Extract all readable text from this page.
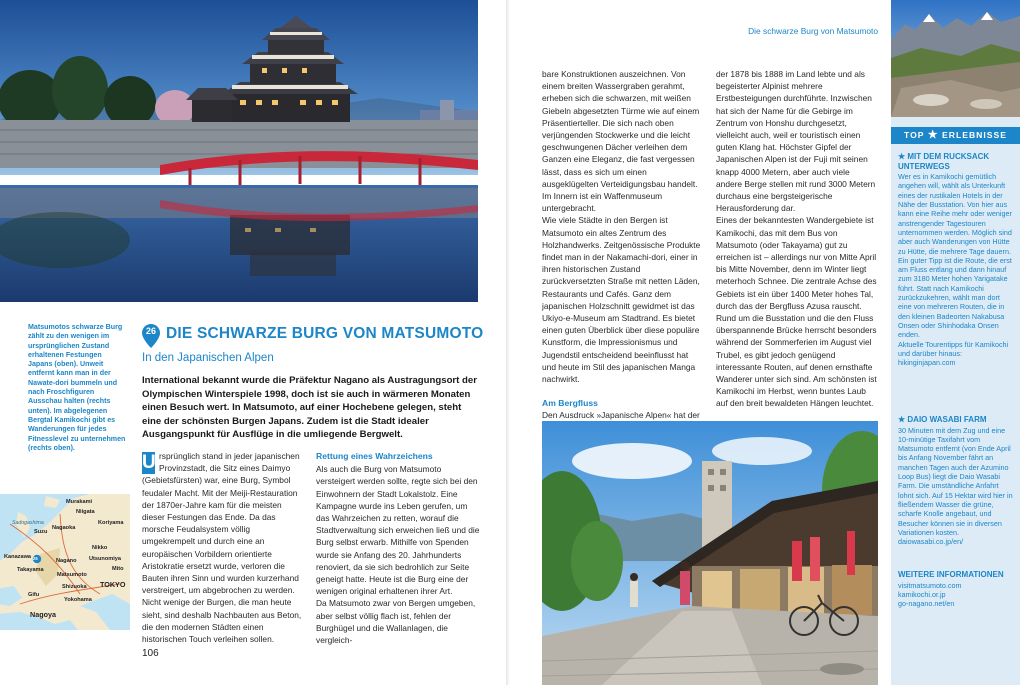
Matsumotos schwarze Burg zählt zu den wenigen im ursprünglichen Zustand erhaltenen Festungen Japans (oben). Unweit entfernt kann man in der Nawate-dori bummeln und nach Froschfiguren Ausschau halten (rechts unten). Im abgelegenen Bergtal Kamikochi gibt es Wanderungen für jedes Fitnesslevel zu unternehmen (rechts oben).
Murakami
Niigata
Sadogashima
Nagaoka
Koriyama
Suzu
Nikko
Kanazawa
Takayama
Utsunomiya
Matsumoto
Mito
Nagano
TOKYO
Yokohama
Nagoya
Gifu
Shizuoka
26
26 DIE SCHWARZE BURG VON MATSUMOTO
In den Japanischen Alpen
International bekannt wurde die Präfektur Nagano als Austragungsort der Olympischen Winterspiele 1998, doch ist sie auch in wärmeren Monaten einen Besuch wert. In Matsumoto, auf einer Hochebene gelegen, steht eine der schönsten Burgen Japans. Zudem ist die Stadt idealer Ausgangspunkt für Ausflüge in die umliegende Bergwelt.
U rsprünglich stand in jeder japanischen Provinzstadt, die Sitz eines Daimyo (Gebietsfürsten) war, eine Burg, Symbol feudaler Macht. Mit der Meiji-Restauration der 1870er-Jahre kam für die meisten dieser Festungen das Ende. Da das morsche Feudalsystem völlig umgekrempelt und durch eine an europäischen Vorbildern orientierte Aristokratie ersetzt wurde, verloren die Bauten ihren Sinn und wurden kurzerhand verstreigert, um abgebrochen zu werden. Nicht wenige der Burgen, die man heute sieht, sind deshalb Nachbauten aus Beton, die den modernen Städten einen historischen Touch verleihen sollen.
Rettung eines Wahrzeichens
Als auch die Burg von Matsumoto versteigert werden sollte, regte sich bei den Einwohnern der Stadt Lokalstolz. Eine Kampagne wurde ins Leben gerufen, um das Wahrzeichen zu retten, worauf die Stadtverwaltung sich erweichen ließ und die Burg selbst erwarb. Mithilfe von Spenden wurde sie Anfang des 20. Jahrhunderts renoviert, da sie sich bedrohlich zur Seite geneigt hatte. Heute ist die Burg eine der wenigen original erhaltenen ihrer Art.
Da Matsumoto zwar von Bergen umgeben, aber selbst völlig flach ist, fehlen der Burghügel und die Wallanlagen, die vergleich-
106
Die schwarze Burg von Matsumoto
bare Konstruktionen auszeichnen. Von einem breiten Wassergraben gerahmt, erheben sich die schwarzen, mit weißen Giebeln abgesetzten Türme wie auf einem Präsentierteller. Die sich nach oben verjüngenden Stockwerke und die leicht geschwungenen Dächer verleihen dem Ganzen eine Eleganz, die fast vergessen lässt, dass es sich um einen ausgeklügelten Verteidigungsbau handelt. Im Innern ist ein Waffenmuseum untergebracht.
Wie viele Städte in den Bergen ist Matsumoto ein altes Zentrum des Holzhandwerks. Zeitgenössische Produkte findet man in der Nakamachi-dori, einer in ihren historischen Zustand zurückversetzten Straße mit netten Läden, Restaurants und Cafés. Ganz dem japanischen Holzschnitt gewidmet ist das Ukiyo-e-Museum am Stadtrand. Es bietet einen guten Überblick über diese populäre Kunstform, die Impressionismus und Jugendstil entscheidend beeinflusst hat und heute im Stil des japanischen Manga nachwirkt.
Am Bergfluss
Den Ausdruck »Japanische Alpen« hat der
der 1878 bis 1888 im Land lebte und als begeisterter Alpinist mehrere Erstbesteigungen durchführte. Inzwischen hat sich der Name für die Gebirge im Zentrum von Honshu durchgesetzt, vielleicht auch, weil er touristisch einen guten Klang hat. Höchster Gipfel der Japanischen Alpen ist der Fuji mit seinen knapp 4000 Metern, aber auch viele andere Berge stellen mit rund 3000 Metern durchaus eine bergsteigerische Herausforderung dar.
Eines der bekanntesten Wandergebiete ist Kamikochi, das mit dem Bus von Matsumoto (oder Takayama) gut zu erreichen ist – allerdings nur von Mitte April bis Mitte November, denn im Winter liegt meterhoch Schnee. Die zentrale Achse des Gebiets ist ein über 1400 Meter hohes Tal, durch das der Bergfluss Azusa rauscht.
Rund um die Busstation und die den Fluss überspannende Brücke herrscht besonders während der Sommerferien im August viel Trubel, es gibt jedoch genügend interessante Routen, auf denen ernsthafte Wanderer unter sich sind. Am schönsten ist Kamikochi im Herbst, wenn buntes Laub auf den breit bewaldeten Hängen leuchtet.
TOP ★ ERLEBNISSE
★ MIT DEM RUCKSACK UNTERWEGS
Wer es in Kamikochi gemütlich angehen will, wählt als Unterkunft eines der rustikalen Hotels in der Nähe der Busstation. Von hier aus kann eine Reihe mehr oder weniger anstrengender Tagestouren unternommen werden. Möglich sind aber auch Wanderungen von Hütte zu Hütte, die mehrere Tage dauern. Ein guter Tipp ist die Route, die erst am Fluss entlang und dann hinauf zum 3180 Meter hohen Yarigatake führt. Statt nach Kamikochi zurückzukehren, wählt man dort eine von mehreren Routen, die in den kleinen Badeorten Nakabusa Onsen oder Shinhodaka Onsen enden.
Aktuelle Tourentipps für Kamikochi und darüber hinaus: hikinginjapan.com
★ DAIO WASABI FARM
30 Minuten mit dem Zug und eine 10-minütige Taxifahrt vom Matsumoto entfernt (von Ende April bis Anfang November fährt an manchen Tagen auch der Azumino Loop Bus) liegt die Daio Wasabi Farm. Die umständliche Anfahrt lohnt sich. Auf 15 Hektar wird hier in fließendem Wasser die grüne, scharfe Knolle angebaut, und Besucher können sie in diversen Variationen kosten.
daiowasabi.co.jp/en/
WEITERE INFORMATIONEN
visitmatsumoto.com
kamikochi.or.jp
go-nagano.net/en
